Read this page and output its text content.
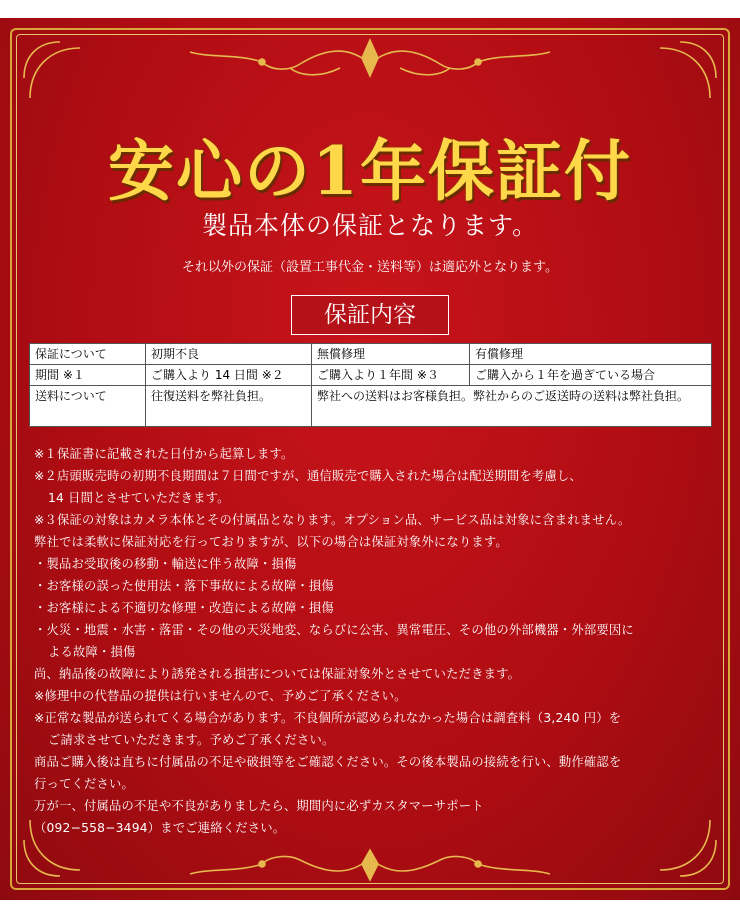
安心の1年保証付
製品本体の保証となります。
それ以外の保証（設置工事代金・送料等）は適応外となります。
保証内容
保証について	初期不良	無償修理	有償修理
期間 ※１	ご購入より 14 日間 ※２	ご購入より１年間 ※３	ご購入から１年を過ぎている場合
送料について	往復送料を弊社負担。	弊社への送料はお客様負担。弊社からのご返送時の送料は弊社負担。	
※１保証書に記載された日付から起算します。
※２店頭販売時の初期不良期間は７日間ですが、通信販売で購入された場合は配送期間を考慮し、
14 日間とさせていただきます。
※３保証の対象はカメラ本体とその付属品となります。オプション品、サービス品は対象に含まれません。
弊社では柔軟に保証対応を行っておりますが、以下の場合は保証対象外になります。
・製品お受取後の移動・輸送に伴う故障・損傷
・お客様の誤った使用法・落下事故による故障・損傷
・お客様による不適切な修理・改造による故障・損傷
・火災・地震・水害・落雷・その他の天災地変、ならびに公害、異常電圧、その他の外部機器・外部要因に
よる故障・損傷
尚、納品後の故障により誘発される損害については保証対象外とさせていただきます。
※修理中の代替品の提供は行いませんので、予めご了承ください。
※正常な製品が送られてくる場合があります。不良個所が認められなかった場合は調査料（3,240 円）を
ご請求させていただきます。予めご了承ください。
商品ご購入後は直ちに付属品の不足や破損等をご確認ください。その後本製品の接続を行い、動作確認を
行ってください。
万が一、付属品の不足や不良がありましたら、期間内に必ずカスタマーサポート
（092−558−3494）までご連絡ください。
